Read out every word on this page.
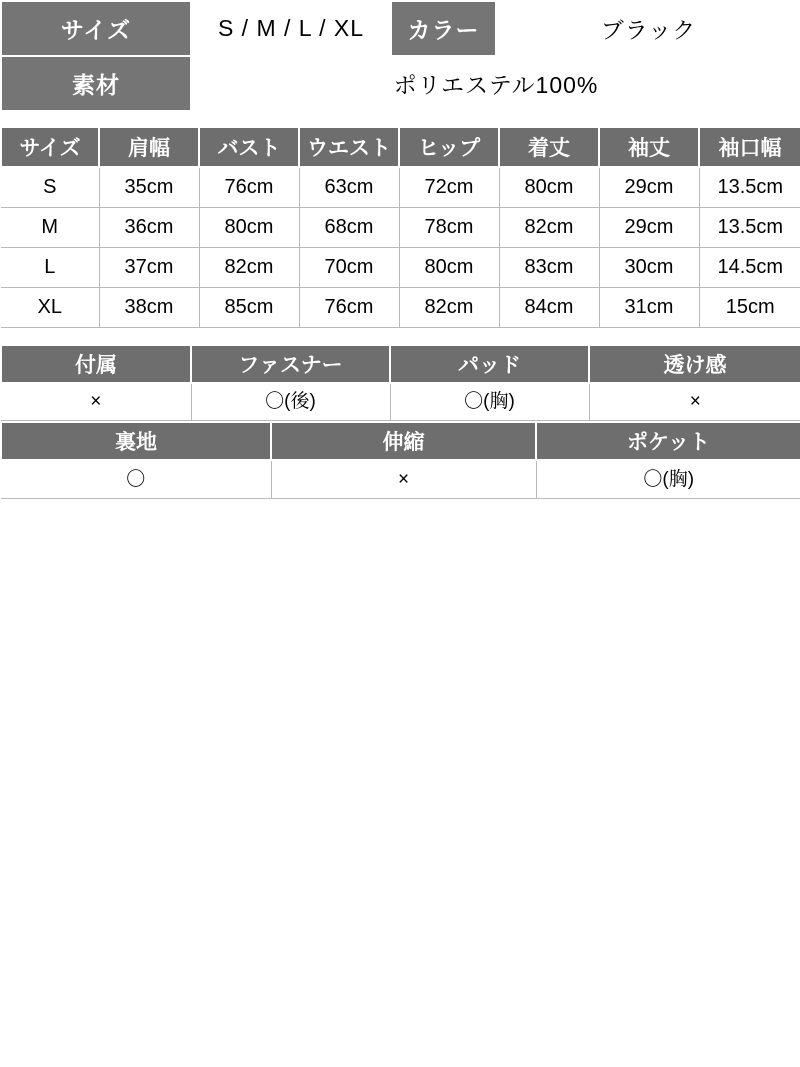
サイズ	S / M / L / XL	カラー	ブラック
素材	ポリエステル100%		
サイズ	肩幅	バスト	ウエスト	ヒップ	着丈	袖丈	袖口幅
S	35cm	76cm	63cm	72cm	80cm	29cm	13.5cm
M	36cm	80cm	68cm	78cm	82cm	29cm	13.5cm
L	37cm	82cm	70cm	80cm	83cm	30cm	14.5cm
XL	38cm	85cm	76cm	82cm	84cm	31cm	15cm
付属	ファスナー	パッド	透け感
×	〇(後)	〇(胸)	×
裏地	伸縮	ポケット
〇	×	〇(胸)
